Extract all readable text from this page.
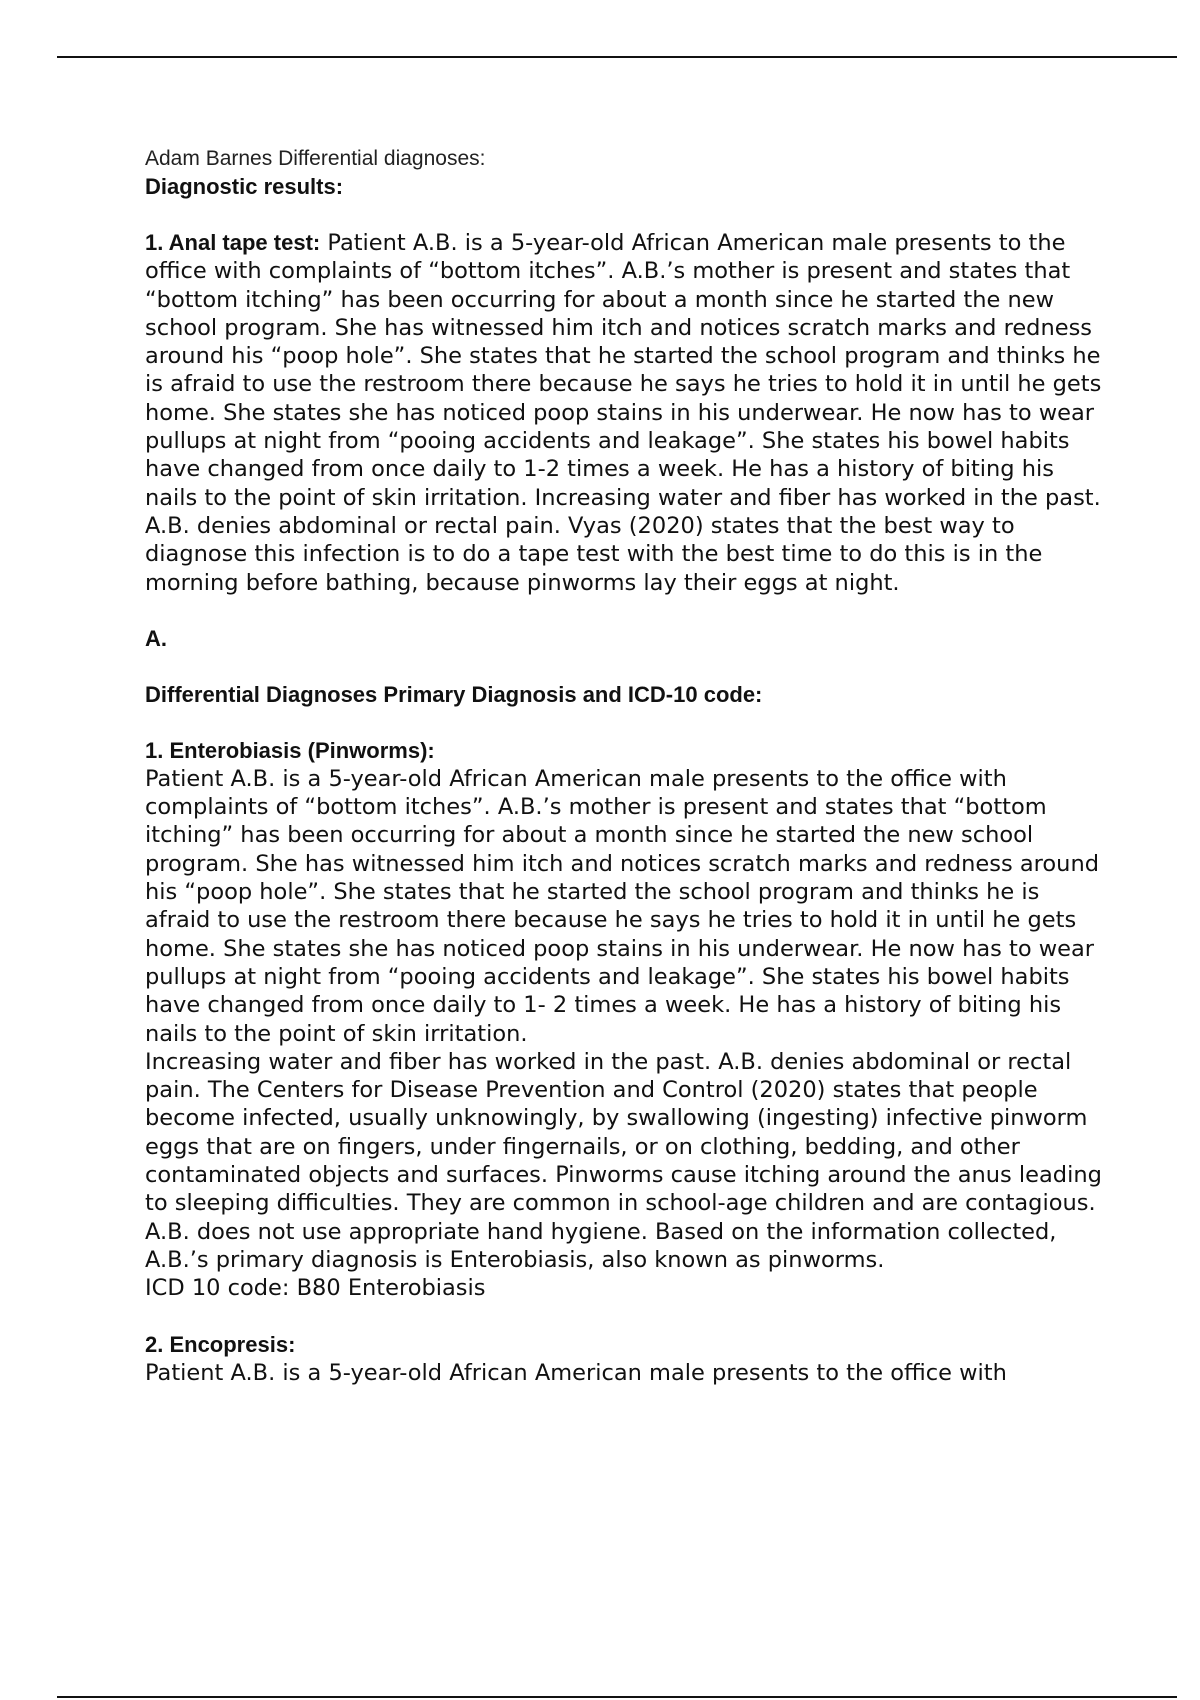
Adam Barnes Differential diagnoses:

Diagnostic results:

1. Anal tape test: Patient A.B. is a 5-year-old African American male presents to the office with complaints of “bottom itches”. A.B.’s mother is present and states that “bottom itching” has been occurring for about a month since he started the new school program. She has witnessed him itch and notices scratch marks and redness around his “poop hole”. She states that he started the school program and thinks he is afraid to use the restroom there because he says he tries to hold it in until he gets home. She states she has noticed poop stains in his underwear. He now has to wear pullups at night from “pooing accidents and leakage”. She states his bowel habits have changed from once daily to 1-2 times a week. He has a history of biting his nails to the point of skin irritation. Increasing water and fiber has worked in the past. A.B. denies abdominal or rectal pain. Vyas (2020) states that the best way to diagnose this infection is to do a tape test with the best time to do this is in the morning before bathing, because pinworms lay their eggs at night.

A.

Differential Diagnoses Primary Diagnosis and ICD-10 code:

1. Enterobiasis (Pinworms):

Patient A.B. is a 5-year-old African American male presents to the office with complaints of “bottom itches”. A.B.’s mother is present and states that “bottom itching” has been occurring for about a month since he started the new school program. She has witnessed him itch and notices scratch marks and redness around his “poop hole”. She states that he started the school program and thinks he is afraid to use the restroom there because he says he tries to hold it in until he gets home. She states she has noticed poop stains in his underwear. He now has to wear pullups at night from “pooing accidents and leakage”. She states his bowel habits have changed from once daily to 1- 2 times a week. He has a history of biting his nails to the point of skin irritation.

Increasing water and fiber has worked in the past. A.B. denies abdominal or rectal pain. The Centers for Disease Prevention and Control (2020) states that people become infected, usually unknowingly, by swallowing (ingesting) infective pinworm eggs that are on fingers, under fingernails, or on clothing, bedding, and other contaminated objects and surfaces. Pinworms cause itching around the anus leading to sleeping difficulties. They are common in school-age children and are contagious. A.B. does not use appropriate hand hygiene. Based on the information collected, A.B.’s primary diagnosis is Enterobiasis, also known as pinworms.

ICD 10 code: B80 Enterobiasis

2. Encopresis:

Patient A.B. is a 5-year-old African American male presents to the office with
